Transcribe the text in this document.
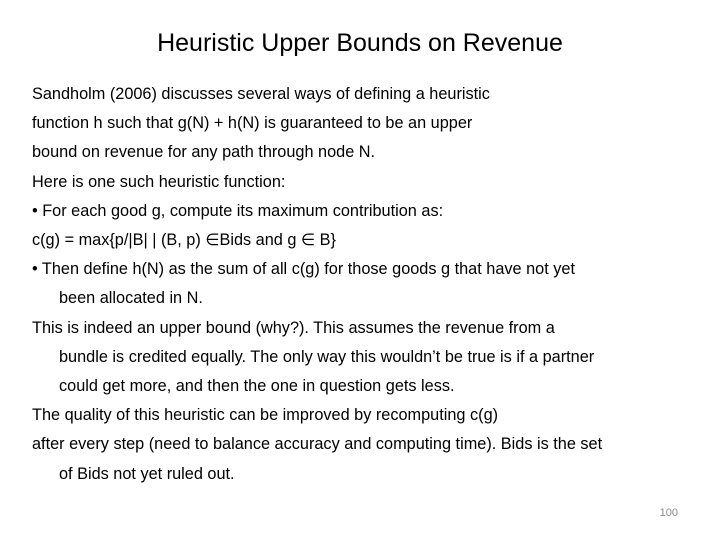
Heuristic Upper Bounds on Revenue
Sandholm (2006) discusses several ways of defining a heuristic
function h such that g(N) + h(N) is guaranteed to be an upper
bound on revenue for any path through node N.
Here is one such heuristic function:
• For each good g, compute its maximum contribution as:
c(g) = max{p/|B| | (B, p) ∈Bids and g ∈ B}
• Then define h(N) as the sum of all c(g) for those goods g that have not yet
been allocated in N.
This is indeed an upper bound (why?). This assumes the revenue from a
bundle is credited equally. The only way this wouldn’t be true is if a partner
could get more, and then the one in question gets less.
The quality of this heuristic can be improved by recomputing c(g)
after every step (need to balance accuracy and computing time). Bids is the set
of Bids not yet ruled out.
100
